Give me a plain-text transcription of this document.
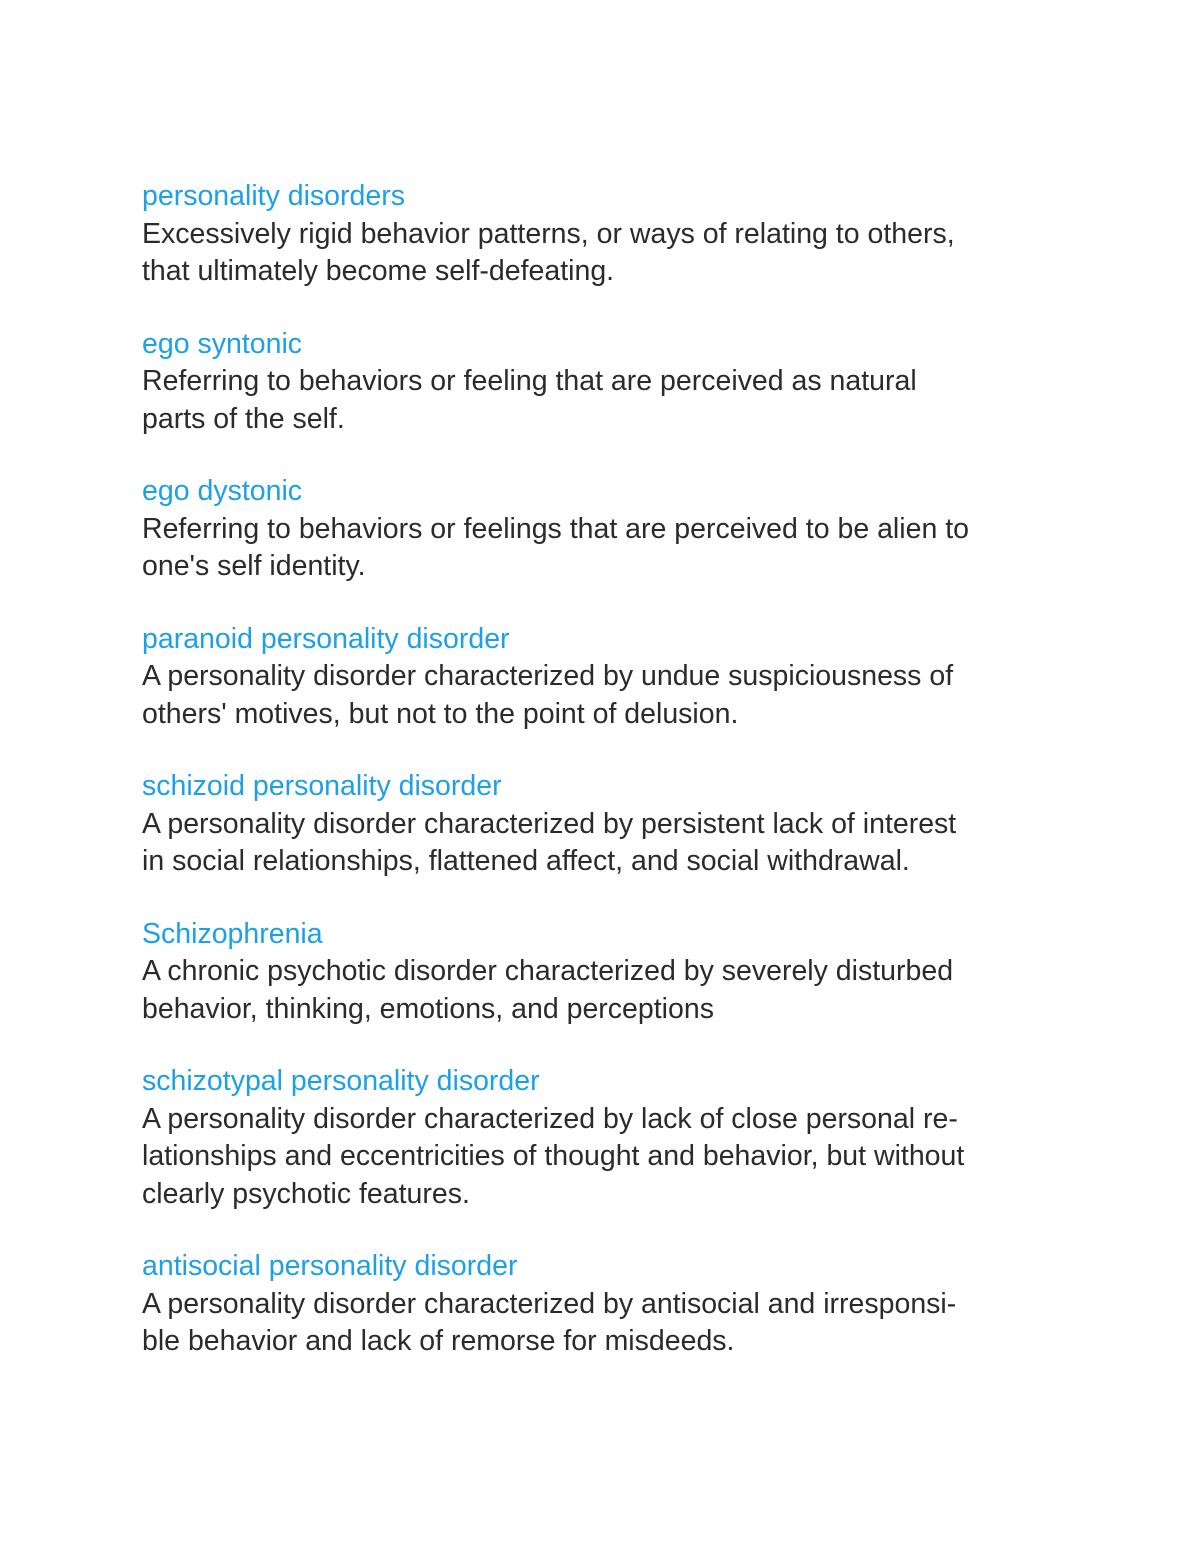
personality disorders
Excessively rigid behavior patterns, or ways of relating to others,
that ultimately become self-defeating.
ego syntonic
Referring to behaviors or feeling that are perceived as natural
parts of the self.
ego dystonic
Referring to behaviors or feelings that are perceived to be alien to
one's self identity.
paranoid personality disorder
A personality disorder characterized by undue suspiciousness of
others' motives, but not to the point of delusion.
schizoid personality disorder
A personality disorder characterized by persistent lack of interest
in social relationships, flattened affect, and social withdrawal.
Schizophrenia
A chronic psychotic disorder characterized by severely disturbed
behavior, thinking, emotions, and perceptions
schizotypal personality disorder
A personality disorder characterized by lack of close personal re-
lationships and eccentricities of thought and behavior, but without
clearly psychotic features.
antisocial personality disorder
A personality disorder characterized by antisocial and irresponsi-
ble behavior and lack of remorse for misdeeds.
